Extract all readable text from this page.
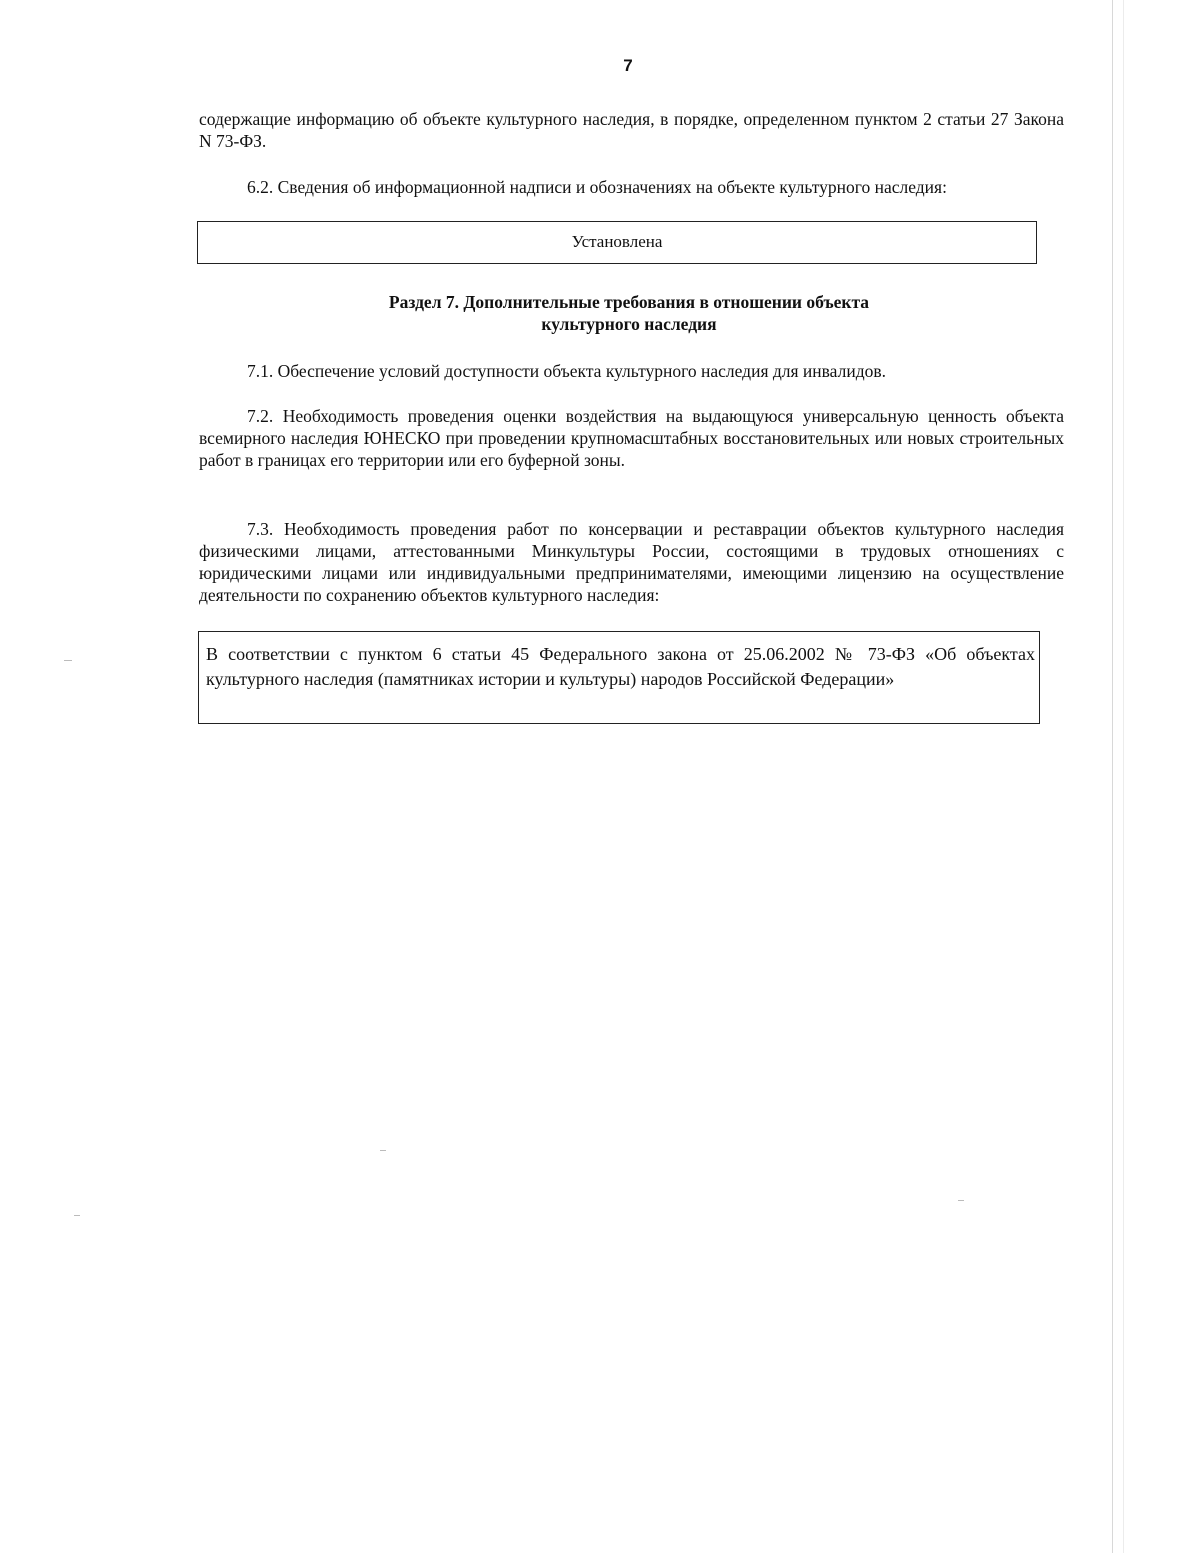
7

содержащие информацию об объекте культурного наследия, в порядке, определенном пунктом 2 статьи 27 Закона N 73-ФЗ.

6.2. Сведения об информационной надписи и обозначениях на объекте культурного наследия:

Установлена
Раздел 7. Дополнительные требования в отношении объекта
культурного наследия

7.1. Обеспечение условий доступности объекта культурного наследия для инвалидов.

7.2. Необходимость проведения оценки воздействия на выдающуюся универсальную ценность объекта всемирного наследия ЮНЕСКО при проведении крупномасштабных восстановительных или новых строительных работ в границах его территории или его буферной зоны.

7.3. Необходимость проведения работ по консервации и реставрации объектов культурного наследия физическими лицами, аттестованными Минкультуры России, состоящими в трудовых отношениях с юридическими лицами или индивидуальными предпринимателями, имеющими лицензию на осуществление деятельности по сохранению объектов культурного наследия:

В соответствии с пунктом 6 статьи 45 Федерального закона от 25.06.2002 № 73-ФЗ «Об объектах культурного наследия (памятниках истории и культуры) народов Российской Федерации»
